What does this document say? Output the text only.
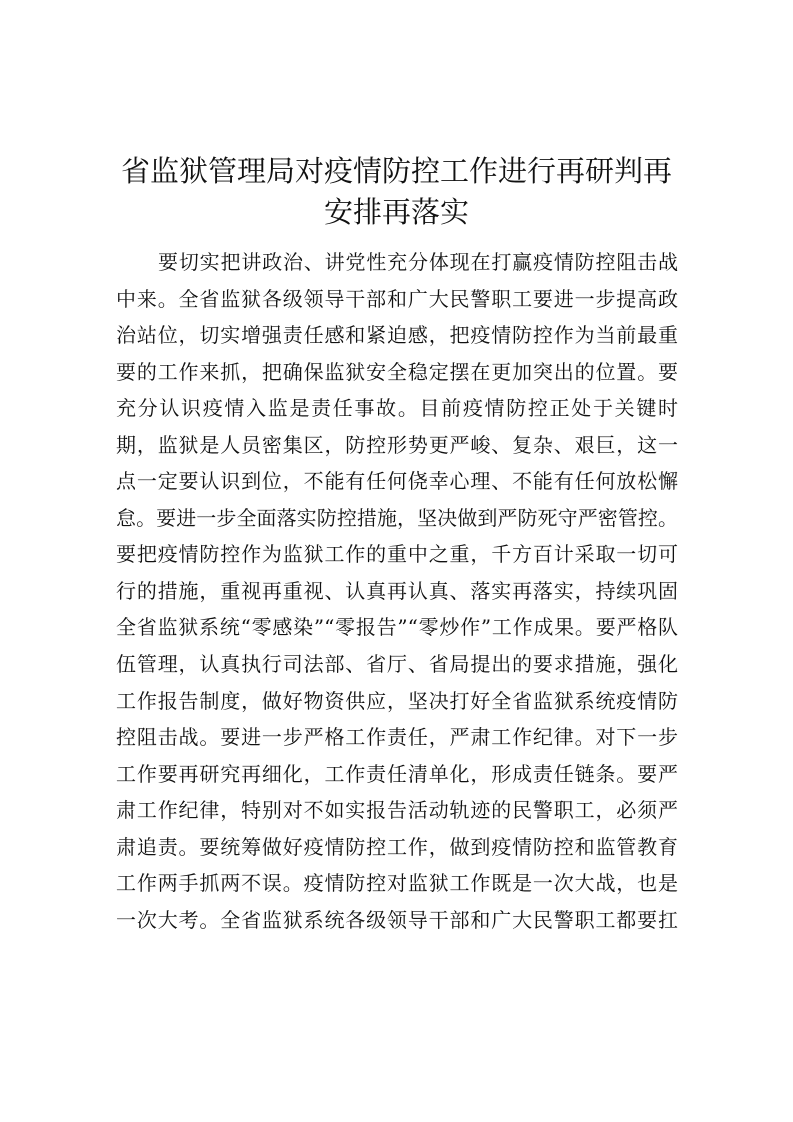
省监狱管理局对疫情防控工作进行再研判再
安排再落实
要切实把讲政治、讲党性充分体现在打赢疫情防控阻击战
中来。全省监狱各级领导干部和广大民警职工要进一步提高政
治站位，切实增强责任感和紧迫感，把疫情防控作为当前最重
要的工作来抓，把确保监狱安全稳定摆在更加突出的位置。要
充分认识疫情入监是责任事故。目前疫情防控正处于关键时
期，监狱是人员密集区，防控形势更严峻、复杂、艰巨，这一
点一定要认识到位，不能有任何侥幸心理、不能有任何放松懈
怠。要进一步全面落实防控措施，坚决做到严防死守严密管控。
要把疫情防控作为监狱工作的重中之重，千方百计采取一切可
行的措施，重视再重视、认真再认真、落实再落实，持续巩固
全省监狱系统“零感染”“零报告”“零炒作”工作成果。要严格队
伍管理，认真执行司法部、省厅、省局提出的要求措施，强化
工作报告制度，做好物资供应，坚决打好全省监狱系统疫情防
控阻击战。要进一步严格工作责任，严肃工作纪律。对下一步
工作要再研究再细化，工作责任清单化，形成责任链条。要严
肃工作纪律，特别对不如实报告活动轨迹的民警职工，必须严
肃追责。要统筹做好疫情防控工作，做到疫情防控和监管教育
工作两手抓两不误。疫情防控对监狱工作既是一次大战，也是
一次大考。全省监狱系统各级领导干部和广大民警职工都要扛
